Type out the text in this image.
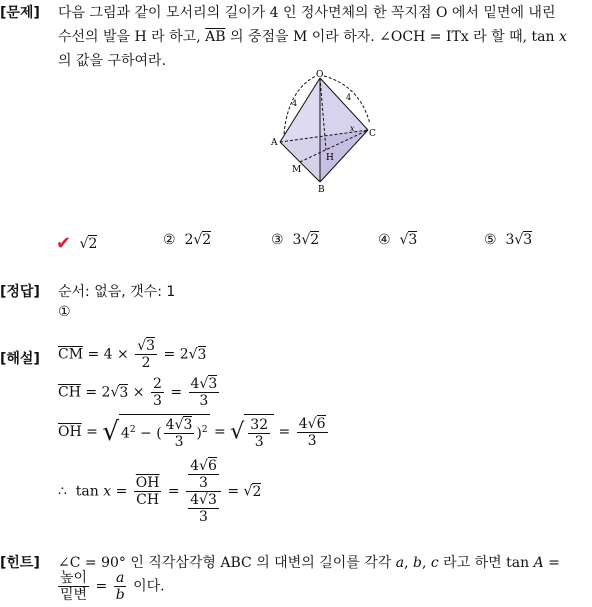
[문제] 다음 그림과 같이 모서리의 길이가 4 인 정사면체의 한 꼭지점 O 에서 밑면에 내린
수선의 발을 H 라 하고, $\overline{AB}$ 의 중점을 M 이라 하자. ∠OCH = ITx 라 할 때, tan x
의 값을 구하여라.
O
A
B
C
H
M
4
4
x
✔ √2	② 2√2	③ 3√2	④ √3	⑤ 3√3
[정답] 순서: 없음, 갯수: 1
①
[해설] $\overline{CM} = 4 \times \frac{√3}{2} = 2√3$
$\overline{CH} = 2√3 \times \frac{2}{3} = \frac{4√3}{3}$
$\overline{OH}$ = √ $4^2$ − ( $\frac{4√3}{3} )^2$ = √ $\frac{32}{3} = \frac{4√6}{3}$
∴  $\tan x = \frac{\overline{OH}}{CH} = \frac{\frac{4√6}{3}}{\frac{4√3}{3}} = √2$
[힌트] ∠C = 90° 인 직각삼각형 ABC 의 대변의 길이를 각각 a, b, c 라고 하면 tan A =
$\frac{\text{높이}}{\text{밑변}} = \frac{a}{b}$ 이다.
